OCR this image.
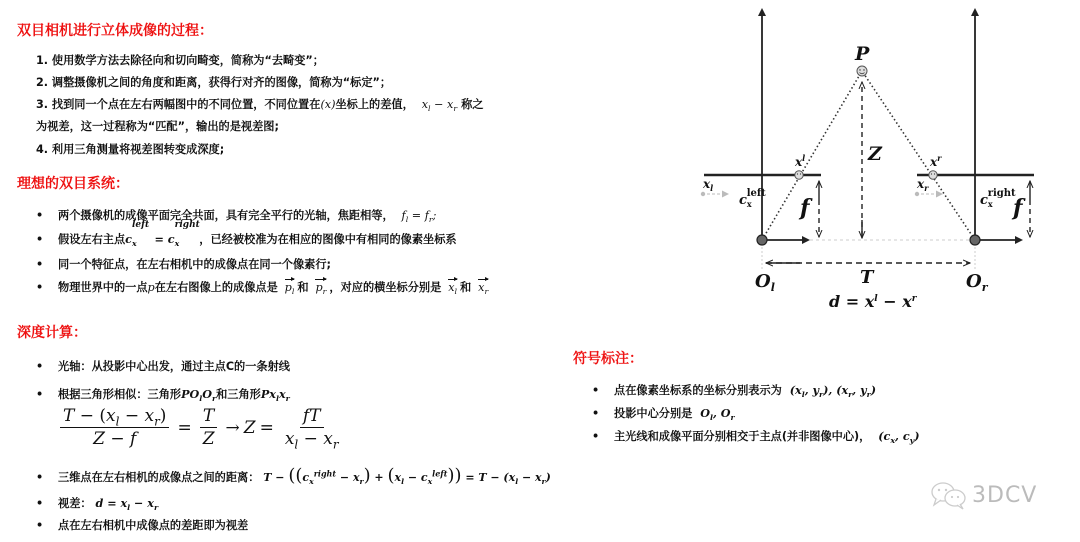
双目相机进行立体成像的过程：
1. 使用数学方法去除径向和切向畸变，简称为“去畸变”；
2. 调整摄像机之间的角度和距离，获得行对齐的图像，简称为“标定”；
3. 找到同一个点在左右两幅图中的不同位置，不同位置在(x)坐标上的差值， $x_l - x_r$ 称之
为视差，这一过程称为“匹配”，输出的是视差图;
4. 利用三角测量将视差图转变成深度;
理想的双目系统：
• 两个摄像机的成像平面完全共面，具有完全平行的光轴，焦距相等， $f_l = f_r$;
• 假设左右主点c
$_{left x}$ = c
$_{right x}$ ，已经被校准为在相应的图像中有相同的像素坐标系
• 同一个特征点，在左右相机中的成像点在同一个像素行;
• 物理世界中的一点p在左右图像上的成像点是 $p_l$ 和 $p_r$ ，对应的横坐标分别是 $x_l$ 和 $x_r$
深度计算：
• 光轴：从投影中心出发，通过主点C的一条射线
• 根据三角形相似：三角形$PO_lO_r$和三角形$Px_lx_r$
$\frac{T - (x_l - x_r)}{Z - f} = \frac{T}{Z} \to Z = \frac{fT}{x_l - x_r}$
• 三维点在左右相机的成像点之间的距离： $T - ((c_x^{right} - x_r) + (x_l - c_x^{left})) = T - (x_l - x_r)$
• 视差： $d = x_l - x_r$
• 点在左右相机中成像点的差距即为视差
符号标注：
• 点在像素坐标系的坐标分别表示为 ($x_l$, $y_r$), ($x_r$, $y_r$)
• 投影中心分别是 $O_l$, $O_r$
• 主光线和成像平面分别相交于主点(并非图像中心)， ($c_x$, $c_y$)
P
Z
$x^l$	$x^r$
$x_l$	$x_r$
$c_xleft$	$c_xright$
f	f
$O_l$	$O_r$
T
$d = x^l - x^r$
3DCV
